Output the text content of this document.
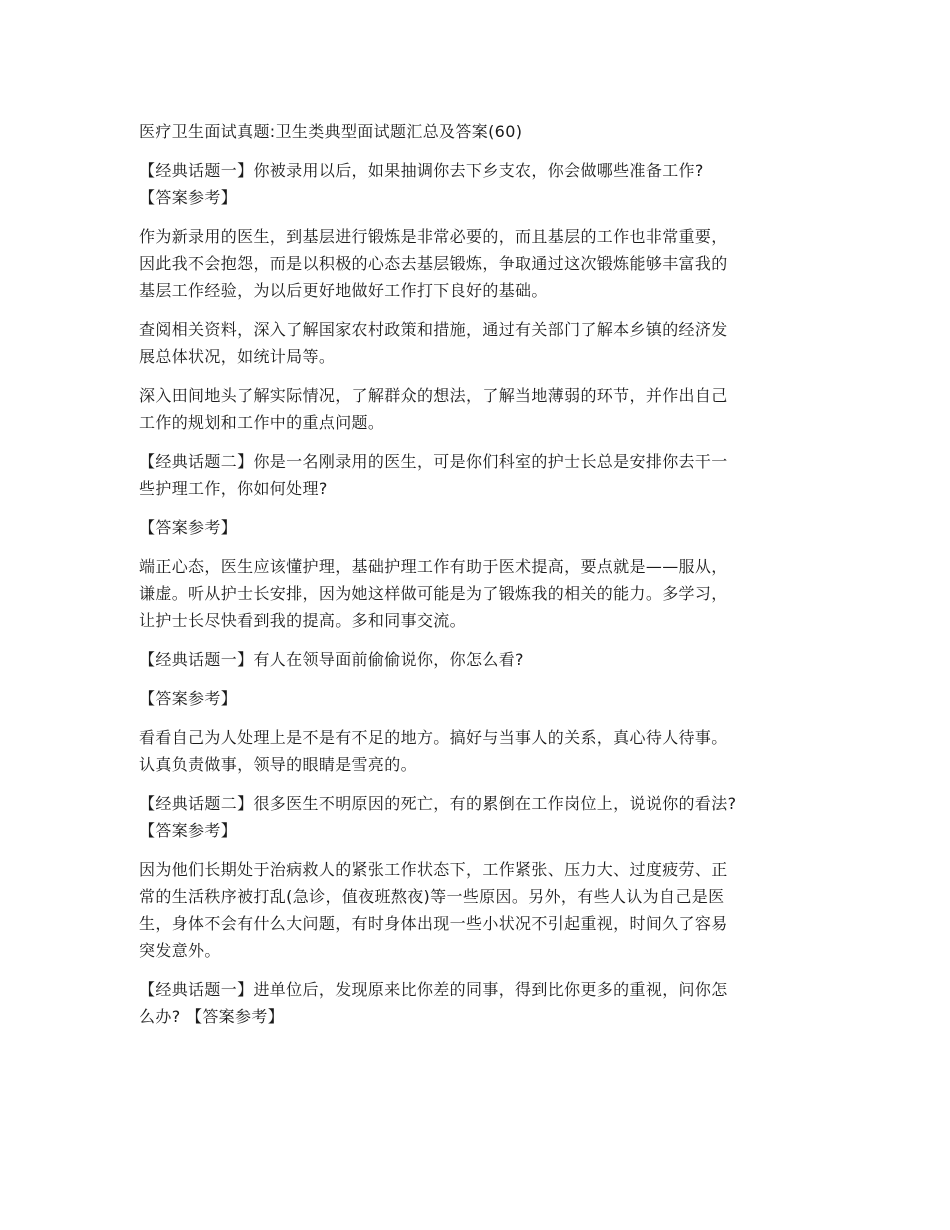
医疗卫生面试真题:卫生类典型面试题汇总及答案(60)
【经典话题一】你被录用以后，如果抽调你去下乡支农，你会做哪些准备工作?
【答案参考】
作为新录用的医生，到基层进行锻炼是非常必要的，而且基层的工作也非常重要，
因此我不会抱怨，而是以积极的心态去基层锻炼，争取通过这次锻炼能够丰富我的
基层工作经验，为以后更好地做好工作打下良好的基础。
查阅相关资料，深入了解国家农村政策和措施，通过有关部门了解本乡镇的经济发
展总体状况，如统计局等。
深入田间地头了解实际情况，了解群众的想法，了解当地薄弱的环节，并作出自己
工作的规划和工作中的重点问题。
【经典话题二】你是一名刚录用的医生，可是你们科室的护士长总是安排你去干一
些护理工作，你如何处理?
【答案参考】
端正心态，医生应该懂护理，基础护理工作有助于医术提高，要点就是——服从，
谦虚。听从护士长安排，因为她这样做可能是为了锻炼我的相关的能力。多学习，
让护士长尽快看到我的提高。多和同事交流。
【经典话题一】有人在领导面前偷偷说你，你怎么看?
【答案参考】
看看自己为人处理上是不是有不足的地方。搞好与当事人的关系，真心待人待事。
认真负责做事，领导的眼睛是雪亮的。
【经典话题二】很多医生不明原因的死亡，有的累倒在工作岗位上，说说你的看法?
【答案参考】
因为他们长期处于治病救人的紧张工作状态下，工作紧张、压力大、过度疲劳、正
常的生活秩序被打乱(急诊，值夜班熬夜)等一些原因。另外，有些人认为自己是医
生，身体不会有什么大问题，有时身体出现一些小状况不引起重视，时间久了容易
突发意外。
【经典话题一】进单位后，发现原来比你差的同事，得到比你更多的重视，问你怎
么办? 【答案参考】
